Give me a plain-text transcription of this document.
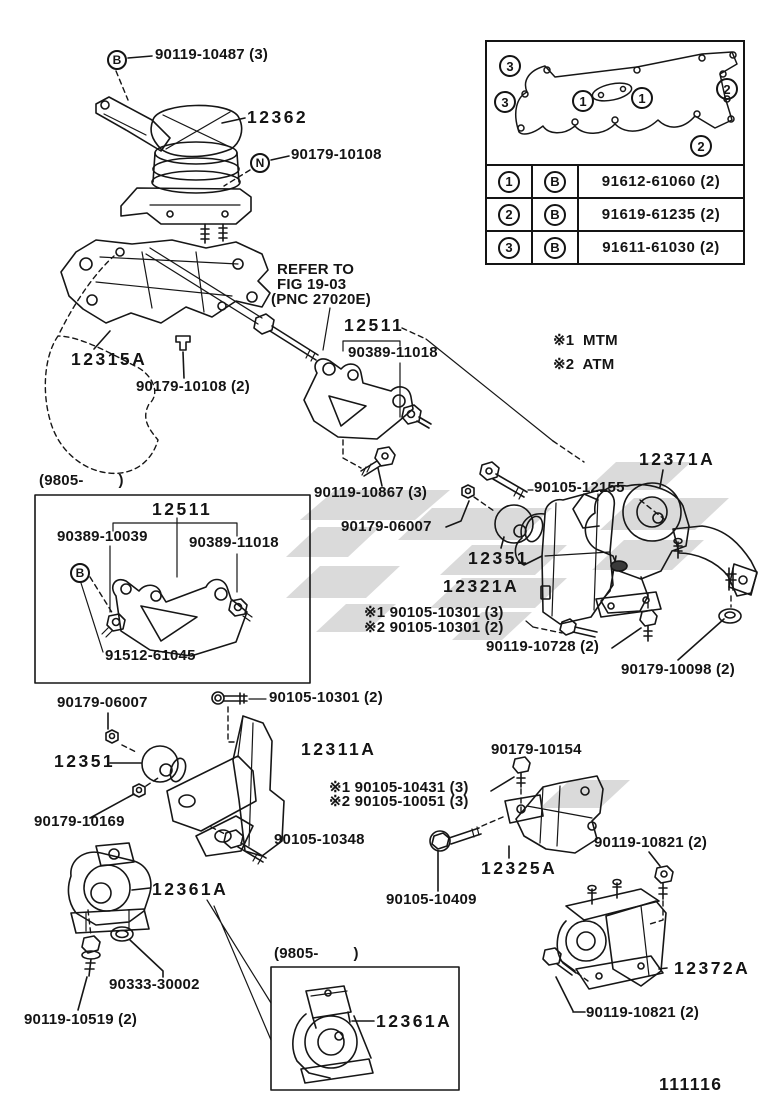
3
3	1	1
2
2
1	B	91612-61060 (2)
2	B	91619-61235 (2)
3	B	91611-61030 (2)
B
N
B
90119-10487 (3)
12362
90179-10108
REFER TO
FIG 19-03
(PNC 27020E)
12511
90389-11018
12315A
90179-10108 (2)
※1  MTM
※2  ATM
(9805-        )
12511
90389-10039	90389-11018
91512-61045
90119-10867 (3)
90179-06007
90105-12155
12371A
12351
12321A
※1 90105-10301 (3)
※2 90105-10301 (2)
90119-10728 (2)
90179-10098 (2)
90105-10301 (2)
90179-06007
12311A
12351
90179-10169
90105-10348
12361A
90333-30002
90119-10519 (2)
※1 90105-10431 (3)
※2 90105-10051 (3)
90179-10154
12325A
90105-10409
(9805-        )
12361A
90119-10821 (2)
12372A
90119-10821 (2)
111116
